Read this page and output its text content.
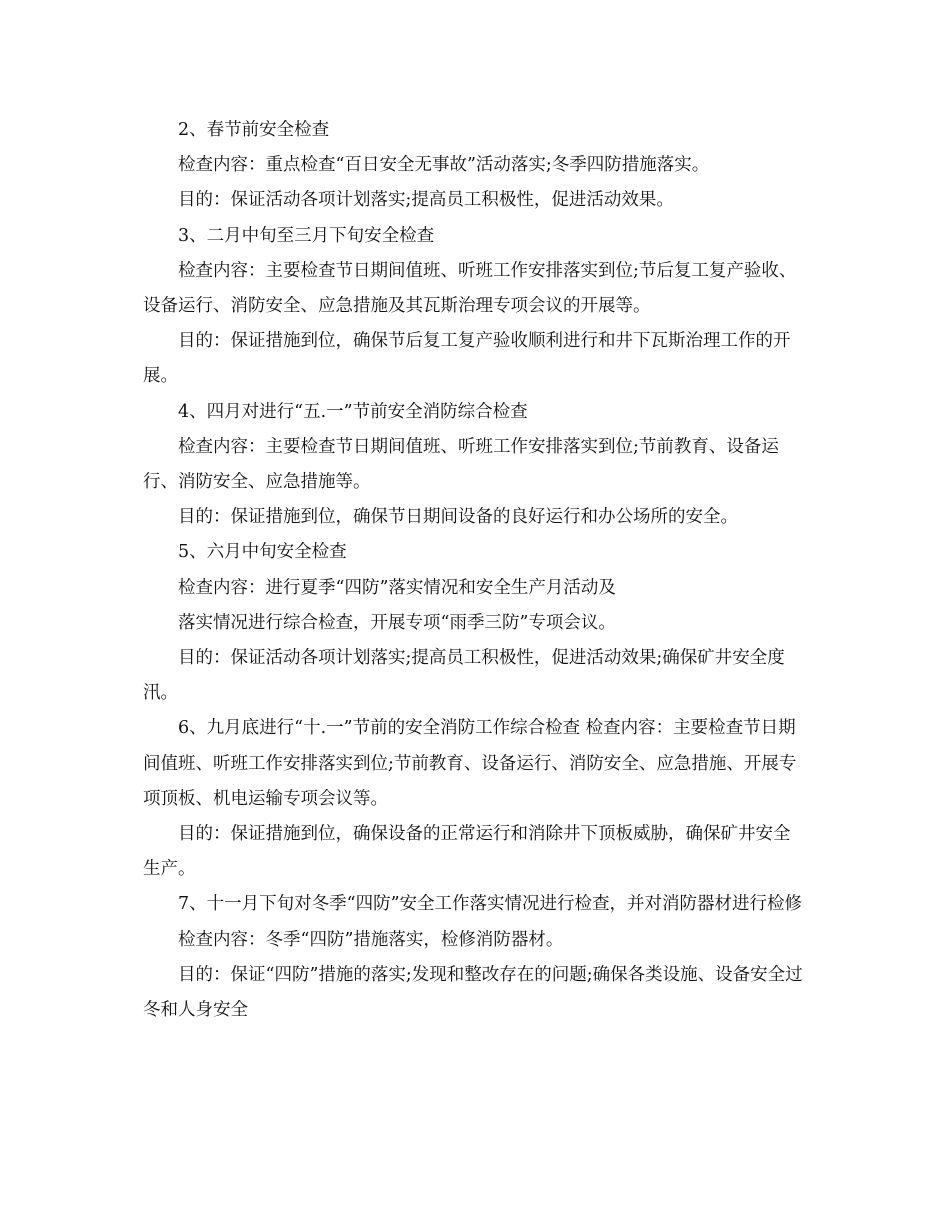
2、春节前安全检查

检查内容：重点检查“百日安全无事故”活动落实;冬季四防措施落实。

目的：保证活动各项计划落实;提高员工积极性，促进活动效果。

3、二月中旬至三月下旬安全检查

检查内容：主要检查节日期间值班、听班工作安排落实到位;节后复工复产验收、设备运行、消防安全、应急措施及其瓦斯治理专项会议的开展等。

目的：保证措施到位，确保节后复工复产验收顺利进行和井下瓦斯治理工作的开展。

4、四月对进行“五.一”节前安全消防综合检查

检查内容：主要检查节日期间值班、听班工作安排落实到位;节前教育、设备运行、消防安全、应急措施等。

目的：保证措施到位，确保节日期间设备的良好运行和办公场所的安全。

5、六月中旬安全检查

检查内容：进行夏季“四防”落实情况和安全生产月活动及

落实情况进行综合检查，开展专项“雨季三防”专项会议。

目的：保证活动各项计划落实;提高员工积极性，促进活动效果;确保矿井安全度汛。

6、九月底进行“十.一”节前的安全消防工作综合检查 检查内容：主要检查节日期间值班、听班工作安排落实到位;节前教育、设备运行、消防安全、应急措施、开展专项顶板、机电运输专项会议等。

目的：保证措施到位，确保设备的正常运行和消除井下顶板威胁，确保矿井安全生产。

7、十一月下旬对冬季“四防”安全工作落实情况进行检查，并对消防器材进行检修

检查内容：冬季“四防”措施落实，检修消防器材。

目的：保证“四防”措施的落实;发现和整改存在的问题;确保各类设施、设备安全过冬和人身安全
